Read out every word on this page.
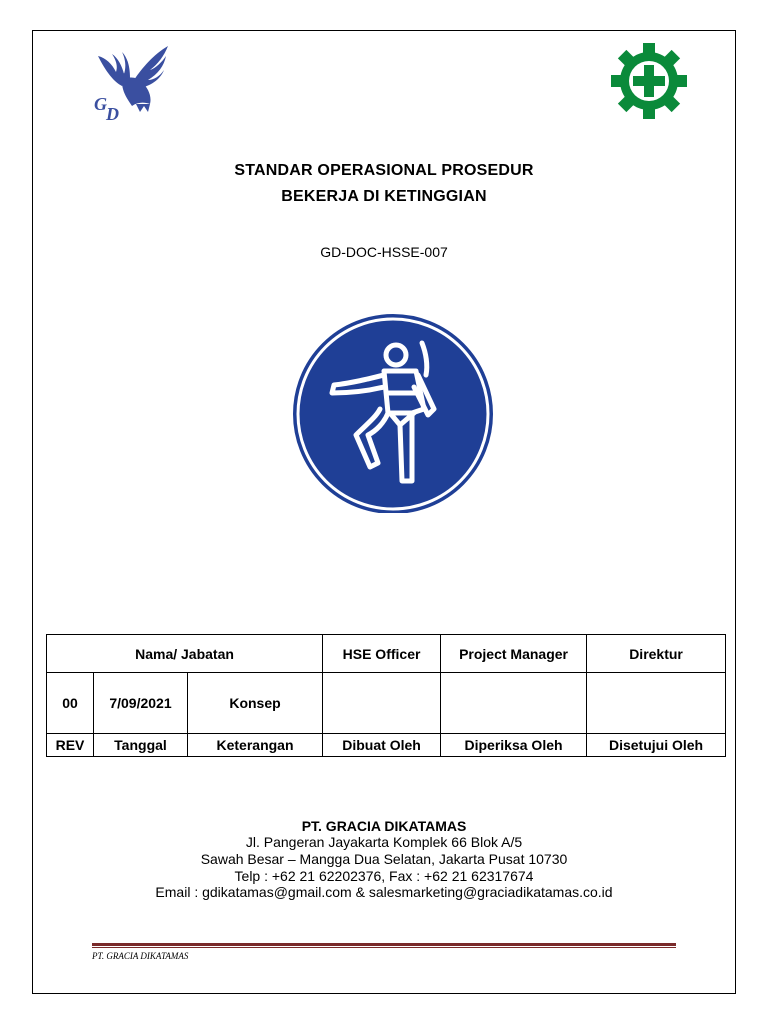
G D
STANDAR OPERASIONAL PROSEDUR
BEKERJA DI KETINGGIAN
GD-DOC-HSSE-007
Nama/ Jabatan			HSE Officer	Project Manager	Direktur
00	7/09/2021	Konsep			
REV	Tanggal	Keterangan	Dibuat Oleh	Diperiksa Oleh	Disetujui Oleh
PT. GRACIA DIKATAMAS
Jl. Pangeran Jayakarta Komplek 66 Blok A/5
Sawah Besar – Mangga Dua Selatan, Jakarta Pusat 10730
Telp : +62 21 62202376, Fax : +62 21 62317674
Email : gdikatamas@gmail.com & salesmarketing@graciadikatamas.co.id
PT. GRACIA DIKATAMAS
